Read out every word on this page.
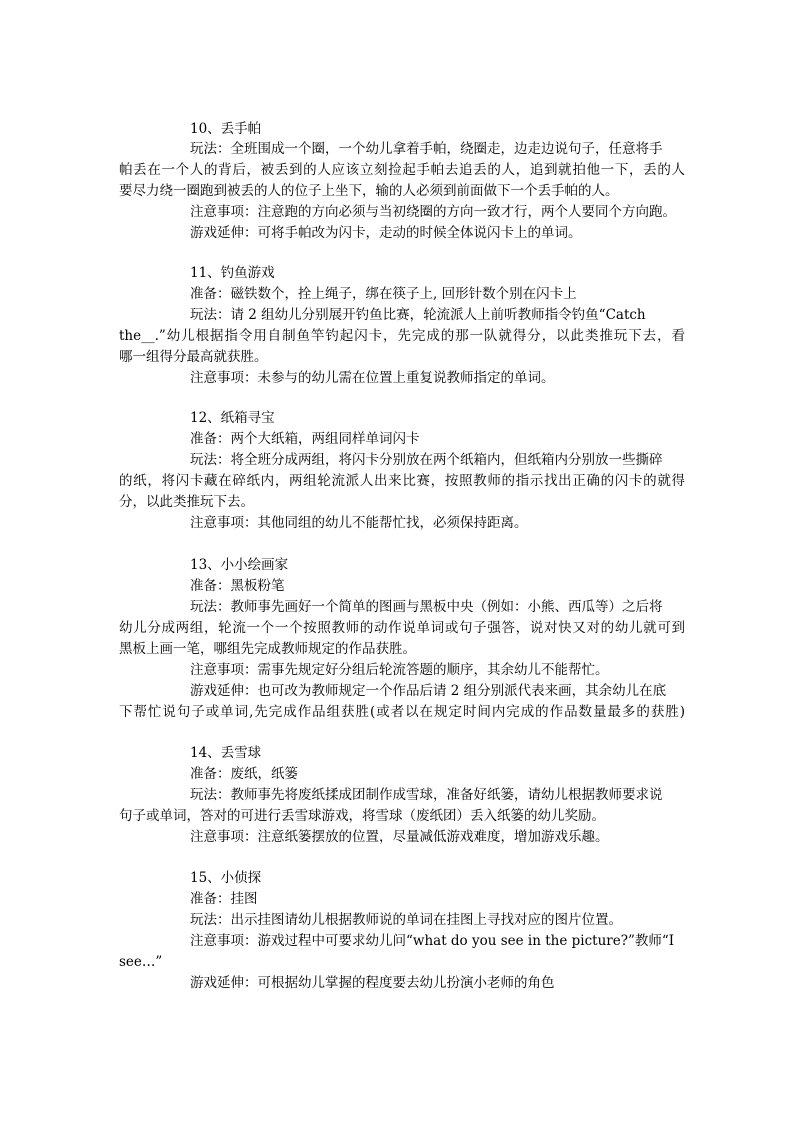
10、丢手帕
玩法：全班围成一个圈，一个幼儿拿着手帕，绕圈走，边走边说句子，任意将手
帕丢在一个人的背后，被丢到的人应该立刻捡起手帕去追丢的人，追到就拍他一下，丢的人
要尽力绕一圈跑到被丢的人的位子上坐下，输的人必须到前面做下一个丢手帕的人。
注意事项：注意跑的方向必须与当初绕圈的方向一致才行，两个人要同个方向跑。
游戏延伸：可将手帕改为闪卡，走动的时候全体说闪卡上的单词。
11、钓鱼游戏
准备：磁铁数个，拴上绳子，绑在筷子上, 回形针数个别在闪卡上
玩法：请 2 组幼儿分别展开钓鱼比赛，轮流派人上前听教师指令钓鱼“Catch
the__.”幼儿根据指令用自制鱼竿钓起闪卡，先完成的那一队就得分，以此类推玩下去，看
哪一组得分最高就获胜。
注意事项：未参与的幼儿需在位置上重复说教师指定的单词。
12、纸箱寻宝
准备：两个大纸箱，两组同样单词闪卡
玩法：将全班分成两组，将闪卡分别放在两个纸箱内，但纸箱内分别放一些撕碎
的纸，将闪卡藏在碎纸内，两组轮流派人出来比赛，按照教师的指示找出正确的闪卡的就得
分，以此类推玩下去。
注意事项：其他同组的幼儿不能帮忙找，必须保持距离。
13、小小绘画家
准备：黑板粉笔
玩法：教师事先画好一个简单的图画与黑板中央（例如：小熊、西瓜等）之后将
幼儿分成两组，轮流一个一个按照教师的动作说单词或句子强答，说对快又对的幼儿就可到
黑板上画一笔，哪组先完成教师规定的作品获胜。
注意事项：需事先规定好分组后轮流答题的顺序，其余幼儿不能帮忙。
游戏延伸：也可改为教师规定一个作品后请 2 组分别派代表来画，其余幼儿在底
下帮忙说句子或单词,先完成作品组获胜(或者以在规定时间内完成的作品数量最多的获胜)
14、丢雪球
准备：废纸，纸篓
玩法：教师事先将废纸揉成团制作成雪球，准备好纸篓，请幼儿根据教师要求说
句子或单词，答对的可进行丢雪球游戏，将雪球（废纸团）丢入纸篓的幼儿奖励。
注意事项：注意纸篓摆放的位置，尽量减低游戏难度，增加游戏乐趣。
15、小侦探
准备：挂图
玩法：出示挂图请幼儿根据教师说的单词在挂图上寻找对应的图片位置。
注意事项：游戏过程中可要求幼儿问“what do you see in the picture?”教师“I
see…”
游戏延伸：可根据幼儿掌握的程度要去幼儿扮演小老师的角色
